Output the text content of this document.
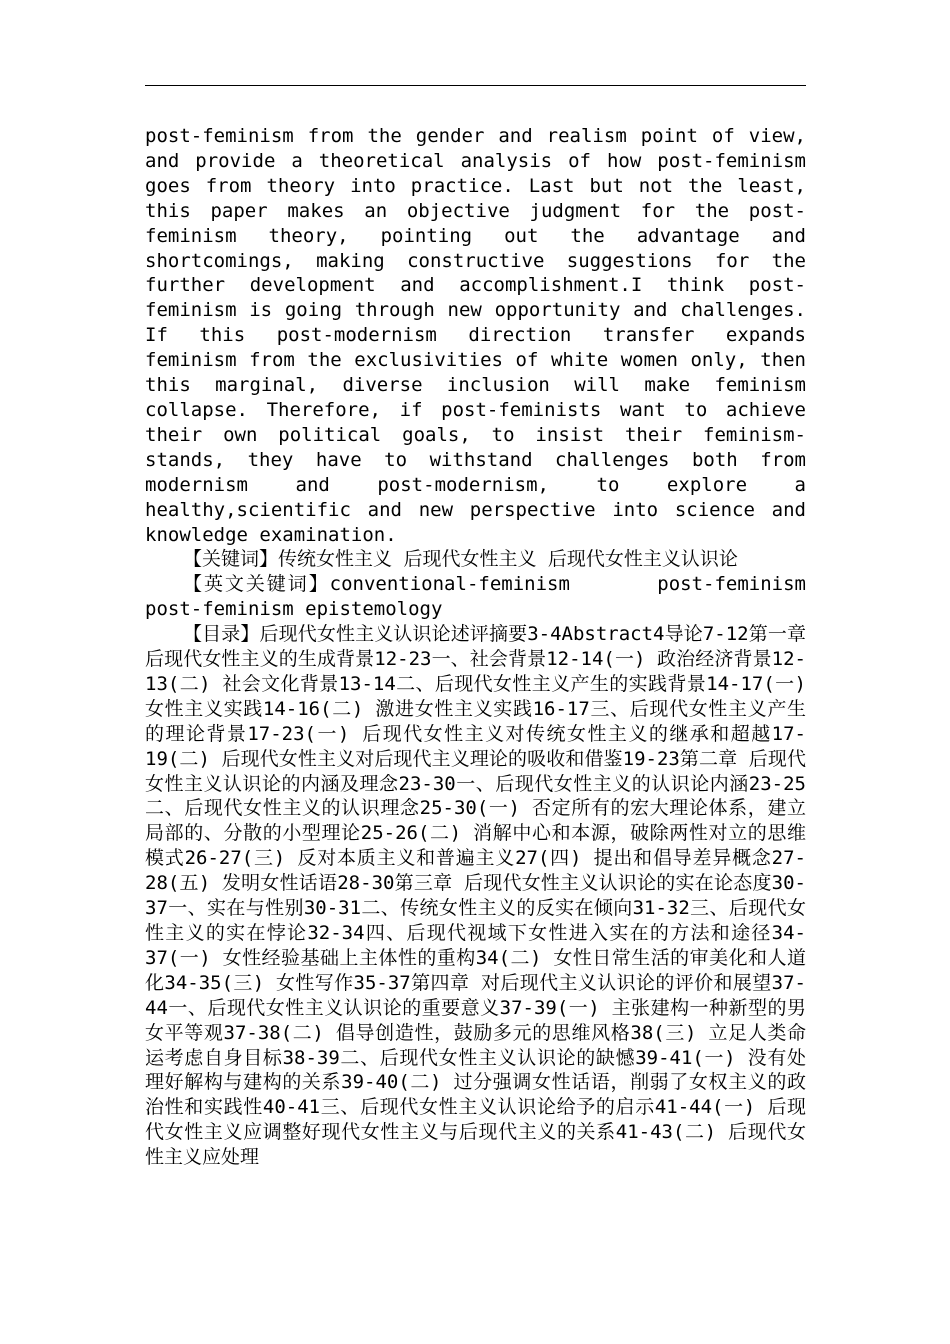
post-feminism from the gender and realism point of view, and provide a theoretical analysis of how post-feminism goes from theory into practice. Last but not the least, this paper makes an objective judgment for the post-feminism theory, pointing out the advantage and shortcomings, making constructive suggestions for the further development and accomplishment.I think post-feminism is going through new opportunity and challenges. If this post-modernism direction transfer expands feminism from the exclusivities of white women only, then this marginal, diverse inclusion will make feminism collapse. Therefore, if post-feminists want to achieve their own political goals, to insist their feminism-stands, they have to withstand challenges both from modernism and post-modernism, to explore a healthy,scientific and new perspective into science and knowledge examination.

【关键词】传统女性主义 后现代女性主义 后现代女性主义认识论

【英文关键词】conventional-feminism	post-feminism post-feminism epistemology

【目录】后现代女性主义认识论述评摘要3-4Abstract4导论7-12第一章 后现代女性主义的生成背景12-23一、社会背景12-14(一) 政治经济背景12-13(二) 社会文化背景13-14二、后现代女性主义产生的实践背景14-17(一) 女性主义实践14-16(二) 激进女性主义实践16-17三、后现代女性主义产生的理论背景17-23(一) 后现代女性主义对传统女性主义的继承和超越17-19(二) 后现代女性主义对后现代主义理论的吸收和借鉴19-23第二章 后现代女性主义认识论的内涵及理念23-30一、后现代女性主义的认识论内涵23-25二、后现代女性主义的认识理念25-30(一) 否定所有的宏大理论体系，建立局部的、分散的小型理论25-26(二) 消解中心和本源，破除两性对立的思维模式26-27(三) 反对本质主义和普遍主义27(四) 提出和倡导差异概念27-28(五) 发明女性话语28-30第三章 后现代女性主义认识论的实在论态度30-37一、实在与性别30-31二、传统女性主义的反实在倾向31-32三、后现代女性主义的实在悖论32-34四、后现代视域下女性进入实在的方法和途径34-37(一) 女性经验基础上主体性的重构34(二) 女性日常生活的审美化和人道化34-35(三) 女性写作35-37第四章 对后现代主义认识论的评价和展望37-44一、后现代女性主义认识论的重要意义37-39(一) 主张建构一种新型的男女平等观37-38(二) 倡导创造性，鼓励多元的思维风格38(三) 立足人类命运考虑自身目标38-39二、后现代女性主义认识论的缺憾39-41(一) 没有处理好解构与建构的关系39-40(二) 过分强调女性话语，削弱了女权主义的政治性和实践性40-41三、后现代女性主义认识论给予的启示41-44(一) 后现代女性主义应调整好现代女性主义与后现代主义的关系41-43(二) 后现代女性主义应处理
